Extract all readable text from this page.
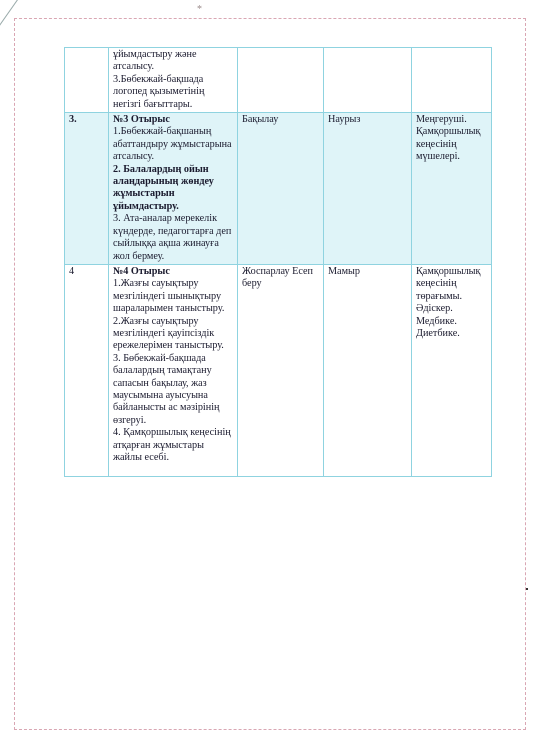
*

	ұйымдастыру және атсалысу.
3.Бөбекжай-бақшада логопед қызыметінің негізгі бағыттары.			

3.	№3 Отырыс
1.Бөбекжай-бақшаның абаттандыру жұмыстарына атсалысу.
2. Балалардың ойын алаңдарының жөндеу жұмыстарын ұйымдастыру.
3. Ата-аналар мерекелік күндерде, педагогтарға деп сыйлыққа ақша жинауға жол бермеу.	Бақылау	Наурыз	Меңгеруші. Қамқоршылық кеңесінің мүшелері.
4	№4 Отырыс
1.Жазғы сауықтыру мезгіліндегі шынықтыру шараларымен таныстыру.
2.Жазғы сауықтыру мезгіліндегі қауіпсіздік ережелерімен таныстыру.
3. Бөбекжай-бақшада балалардың тамақтану сапасын бақылау, жаз маусымына ауысуына байланысты ас мәзірінің өзгеруі.
4. Қамқоршылық кеңесінің атқарған жұмыстары жайлы есебі.	Жоспарлау Есеп беру	Мамыр	Қамқоршылық кеңесінің төрағымы. Әдіскер. Медбике. Диетбике.
